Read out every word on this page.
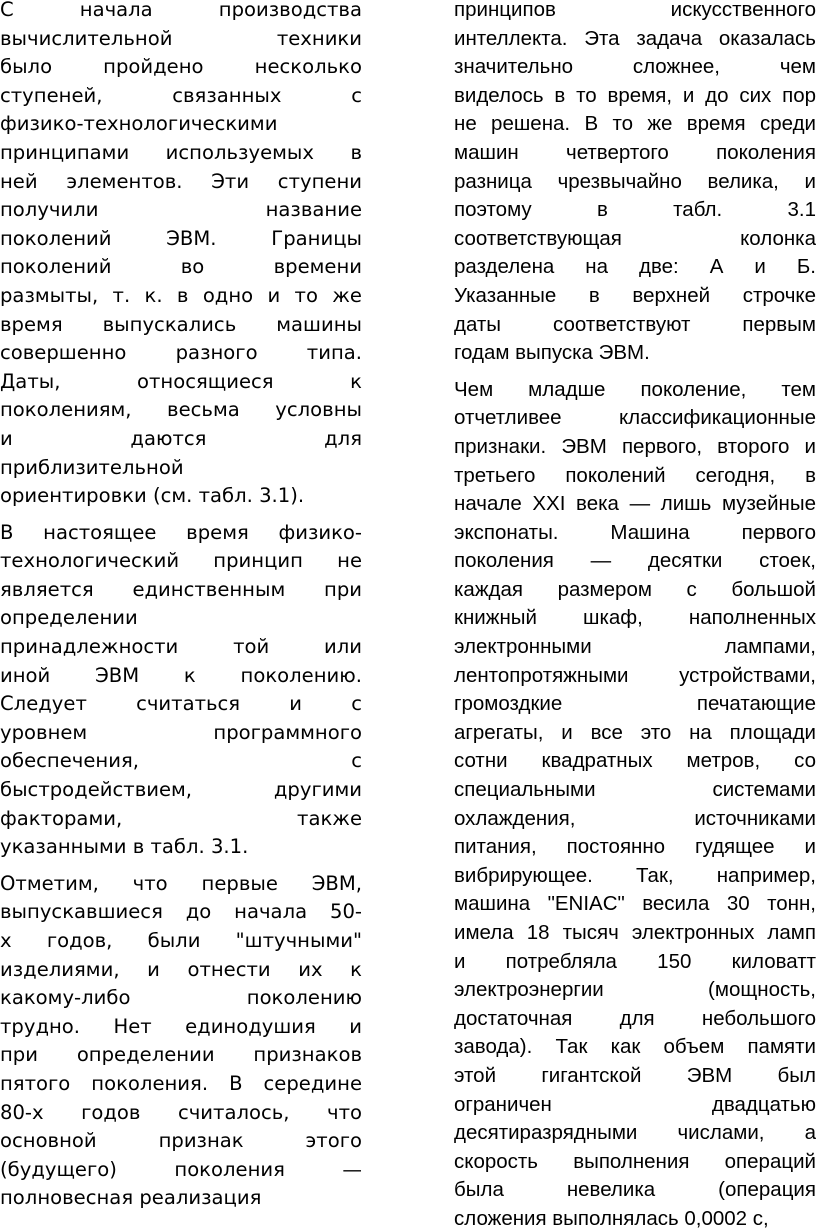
С начала производства
вычислительной техники
было пройдено несколько
ступеней, связанных с
физико-технологическими
принципами используемых в
ней элементов. Эти ступени
получили название
поколений ЭВМ. Границы
поколений во времени
размыты, т. к. в одно и то же
время выпускались машины
совершенно разного типа.
Даты, относящиеся к
поколениям, весьма условны
и даются для
приблизительной
ориентировки (см. табл. 3.1).
В настоящее время физико-
технологический принцип не
является единственным при
определении
принадлежности той или
иной ЭВМ к поколению.
Следует считаться и с
уровнем программного
обеспечения, с
быстродействием, другими
факторами, также
указанными в табл. 3.1.
Отметим, что первые ЭВМ,
выпускавшиеся до начала 50-
х годов, были "штучными"
изделиями, и отнести их к
какому-либо поколению
трудно. Нет единодушия и
при определении признаков
пятого поколения. В середине
80-х годов считалось, что
основной признак этого
(будущего) поколения —
полновесная реализация
принципов искусственного
интеллекта. Эта задача оказалась
значительно сложнее, чем
виделось в то время, и до сих пор
не решена. В то же время среди
машин четвертого поколения
разница чрезвычайно велика, и
поэтому в табл. 3.1
соответствующая колонка
разделена на две: А и Б.
Указанные в верхней строчке
даты соответствуют первым
годам выпуска ЭВМ.
Чем младше поколение, тем
отчетливее классификационные
признаки. ЭВМ первого, второго и
третьего поколений сегодня, в
начале XXI века — лишь музейные
экспонаты. Машина первого
поколения — десятки стоек,
каждая размером с большой
книжный шкаф, наполненных
электронными лампами,
лентопротяжными устройствами,
громоздкие печатающие
агрегаты, и все это на площади
сотни квадратных метров, со
специальными системами
охлаждения, источниками
питания, постоянно гудящее и
вибрирующее. Так, например,
машина "ENIAC" весила 30 тонн,
имела 18 тысяч электронных ламп
и потребляла 150 киловатт
электроэнергии (мощность,
достаточная для небольшого
завода). Так как объем памяти
этой гигантской ЭВМ был
ограничен двадцатью
десятиразрядными числами, а
скорость выполнения операций
была невелика (операция
сложения выполнялась 0,0002 с,
